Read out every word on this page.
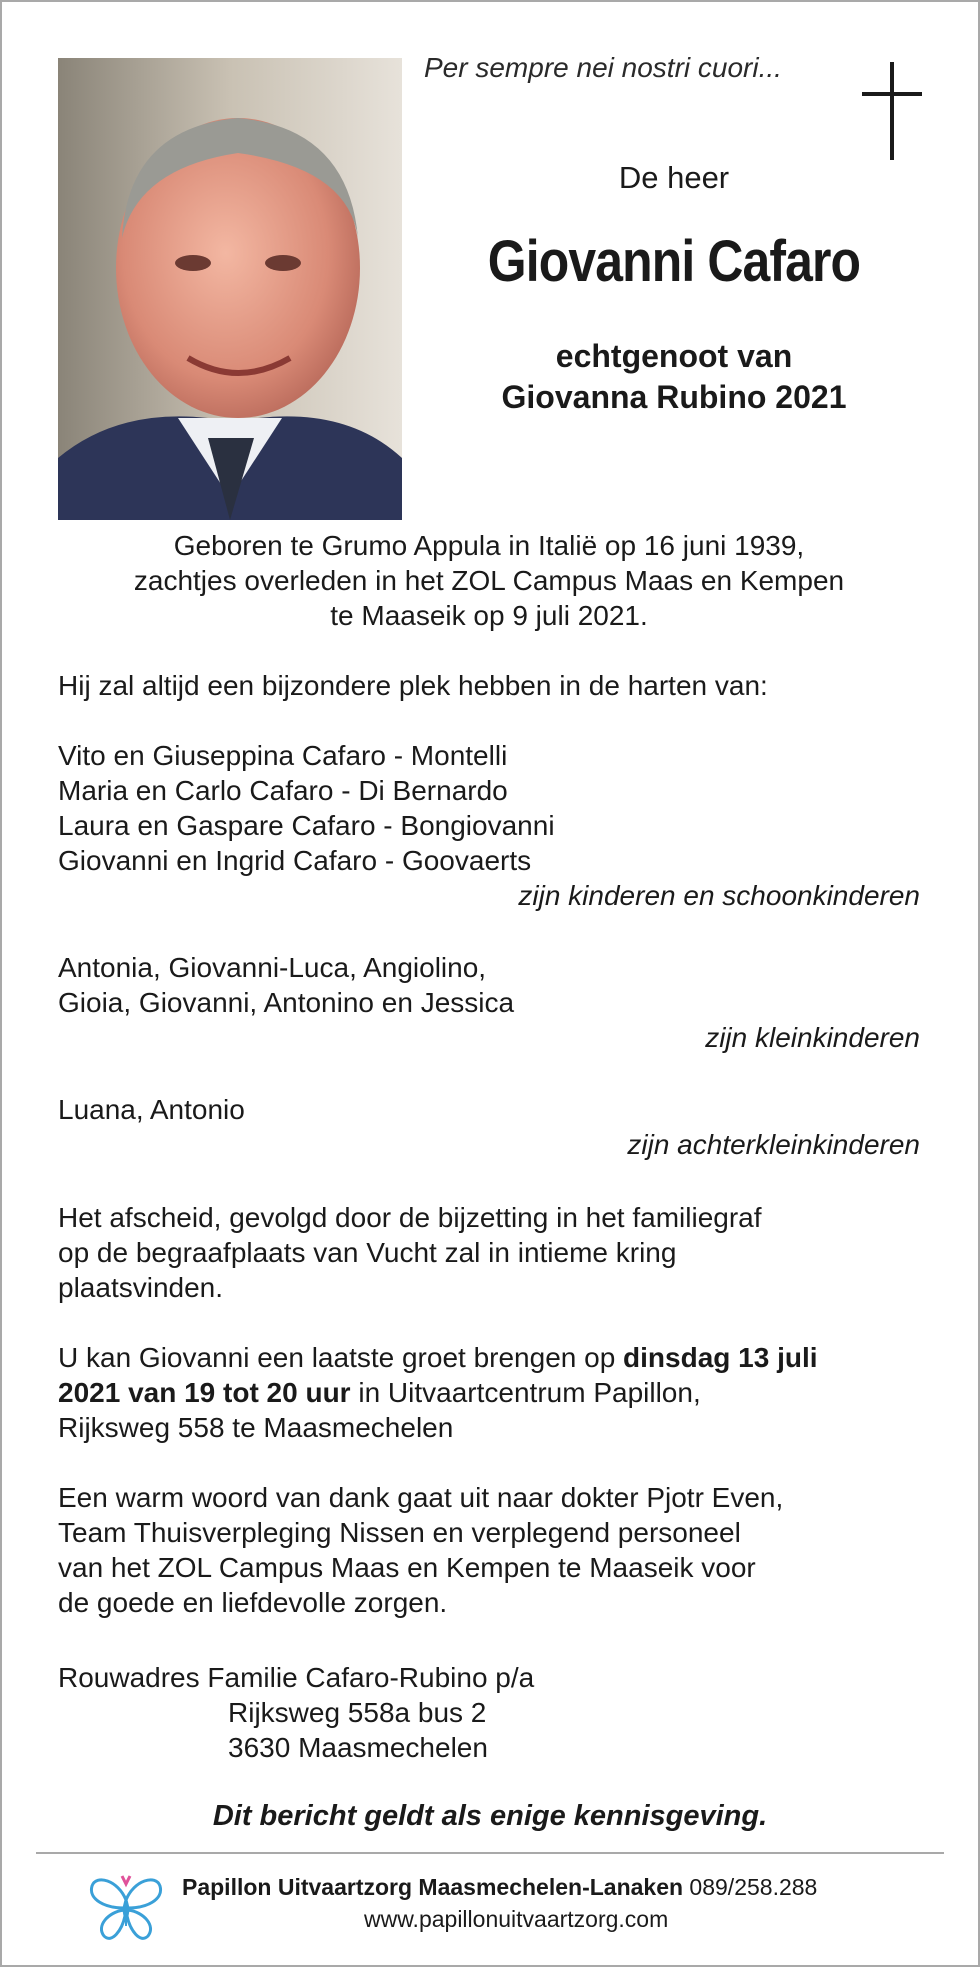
Per sempre nei nostri cuori...
De heer
Giovanni Cafaro
echtgenoot van
Giovanna Rubino 2021
Geboren te Grumo Appula in Italië op 16 juni 1939,
zachtjes overleden in het ZOL Campus Maas en Kempen
te Maaseik op 9 juli 2021.
Hij zal altijd een bijzondere plek hebben in de harten van:

Vito en Giuseppina Cafaro - Montelli

Maria en Carlo Cafaro - Di Bernardo

Laura en Gaspare Cafaro - Bongiovanni

Giovanni en Ingrid Cafaro - Goovaerts

zijn kinderen en schoonkinderen

Antonia, Giovanni-Luca, Angiolino,

Gioia, Giovanni, Antonino en Jessica

zijn kleinkinderen

Luana, Antonio

zijn achterkleinkinderen

Het afscheid, gevolgd door de bijzetting in het familiegraf

op de begraafplaats van Vucht zal in intieme kring

plaatsvinden.

U kan Giovanni een laatste groet brengen op dinsdag 13 juli

2021 van 19 tot 20 uur in Uitvaartcentrum Papillon,

Rijksweg 558 te Maasmechelen

Een warm woord van dank gaat uit naar dokter Pjotr Even,

Team Thuisverpleging Nissen en verplegend personeel

van het ZOL Campus Maas en Kempen te Maaseik voor

de goede en liefdevolle zorgen.

Rouwadres Familie Cafaro-Rubino p/a

Rijksweg 558a bus 2

3630 Maasmechelen

Dit bericht geldt als enige kennisgeving.
Papillon Uitvaartzorg Maasmechelen-Lanaken 089/258.288
www.papillonuitvaartzorg.com
